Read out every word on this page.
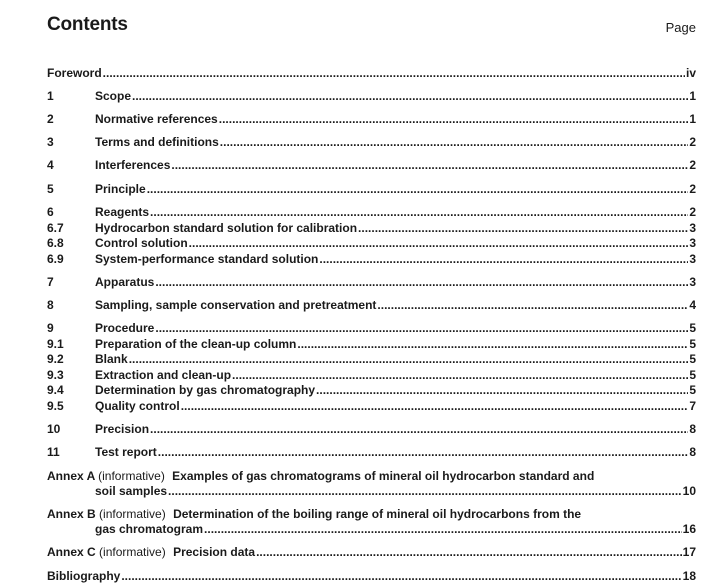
Contents	Page
Foreword .....	iv
1	Scope .....	1
2	Normative references .....	1
3	Terms and definitions .....	2
4	Interferences .....	2
5	Principle .....	2
6	Reagents .....	2
6.7	Hydrocarbon standard solution for calibration .....	3
6.8	Control solution .....	3
6.9	System-performance standard solution .....	3
7	Apparatus .....	3
8	Sampling, sample conservation and pretreatment .....	4
9	Procedure .....	5
9.1	Preparation of the clean-up column .....	5
9.2	Blank .....	5
9.3	Extraction and clean-up .....	5
9.4	Determination by gas chromatography .....	5
9.5	Quality control .....	7
10	Precision .....	8
11	Test report .....	8
Annex A (informative) Examples of gas chromatograms of mineral oil hydrocarbon standard and
soil samples .....	10
Annex B (informative) Determination of the boiling range of mineral oil hydrocarbons from the
gas chromatogram .....	16
Annex C (informative) Precision data .....	17
Bibliography .....	18
